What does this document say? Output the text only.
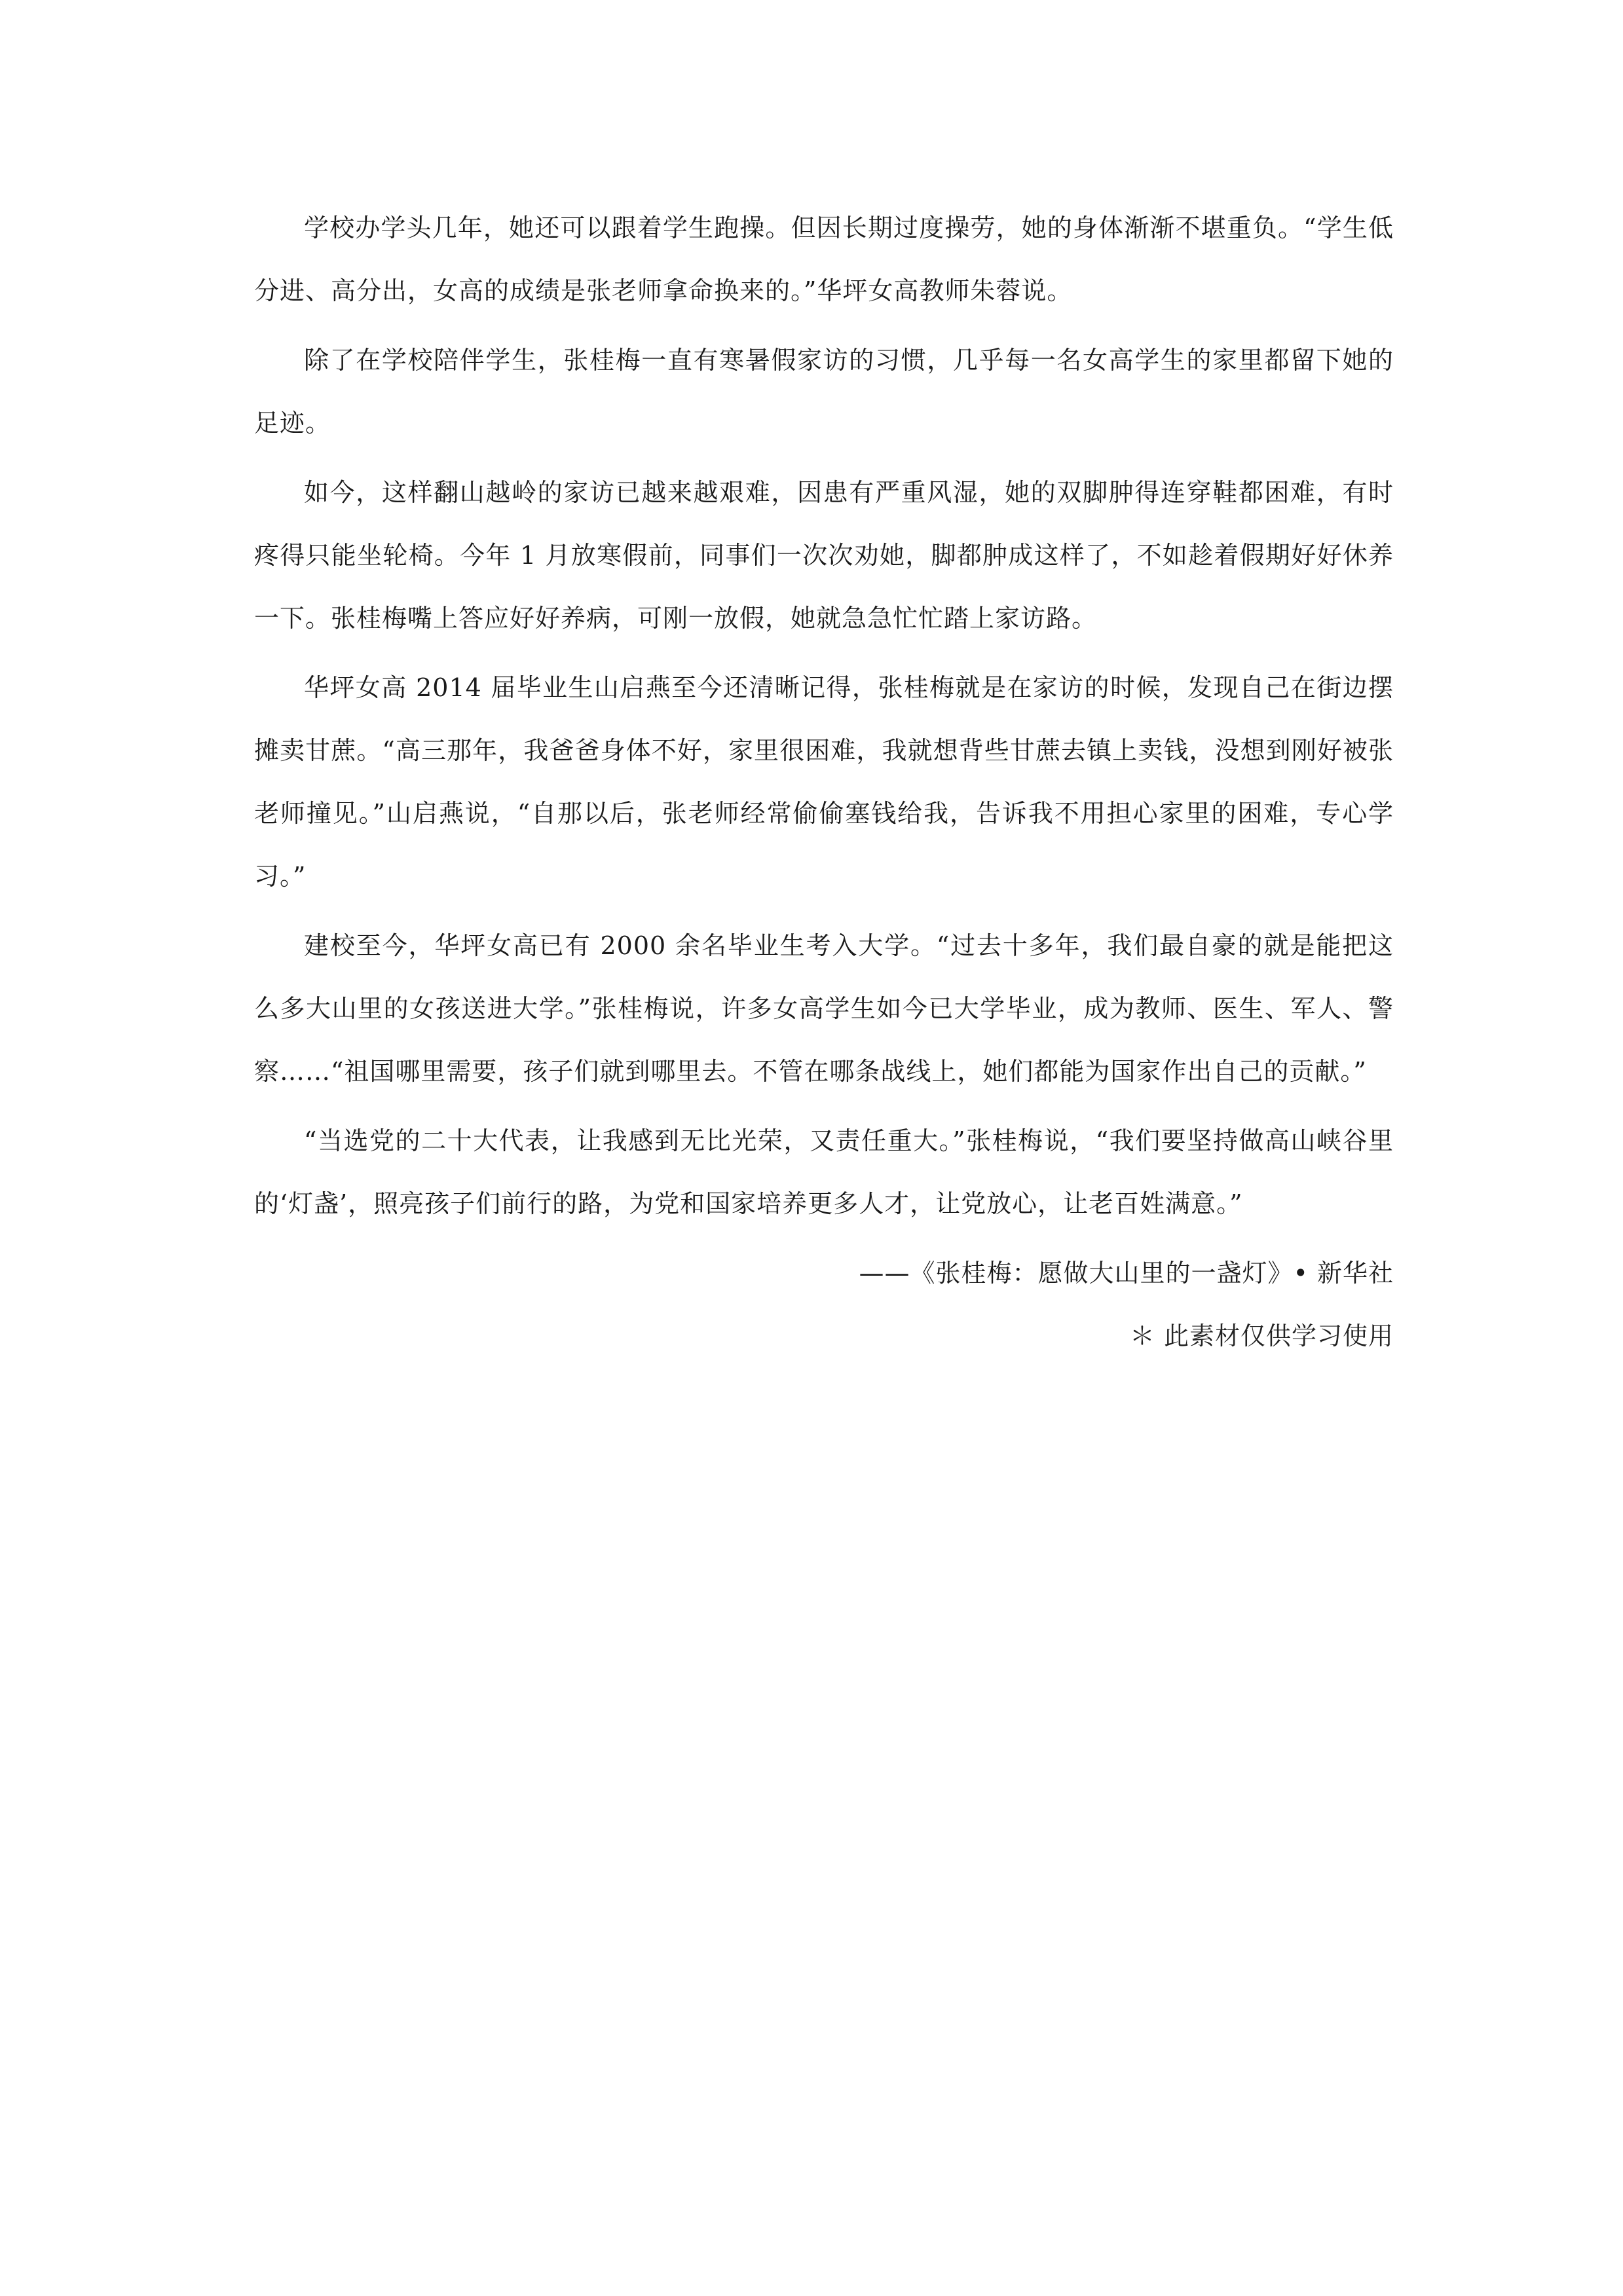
学校办学头几年，她还可以跟着学生跑操。但因长期过度操劳，她的身体渐渐不堪重负。“学生低分进、高分出，女高的成绩是张老师拿命换来的。”华坪女高教师朱蓉说。

除了在学校陪伴学生，张桂梅一直有寒暑假家访的习惯，几乎每一名女高学生的家里都留下她的足迹。

如今，这样翻山越岭的家访已越来越艰难，因患有严重风湿，她的双脚肿得连穿鞋都困难，有时疼得只能坐轮椅。今年 1 月放寒假前，同事们一次次劝她，脚都肿成这样了，不如趁着假期好好休养一下。张桂梅嘴上答应好好养病，可刚一放假，她就急急忙忙踏上家访路。

华坪女高 2014 届毕业生山启燕至今还清晰记得，张桂梅就是在家访的时候，发现自己在街边摆摊卖甘蔗。“高三那年，我爸爸身体不好，家里很困难，我就想背些甘蔗去镇上卖钱，没想到刚好被张老师撞见。”山启燕说，“自那以后，张老师经常偷偷塞钱给我，告诉我不用担心家里的困难，专心学习。”

建校至今，华坪女高已有 2000 余名毕业生考入大学。“过去十多年，我们最自豪的就是能把这么多大山里的女孩送进大学。”张桂梅说，许多女高学生如今已大学毕业，成为教师、医生、军人、警察……“祖国哪里需要，孩子们就到哪里去。不管在哪条战线上，她们都能为国家作出自己的贡献。”

“当选党的二十大代表，让我感到无比光荣，又责任重大。”张桂梅说，“我们要坚持做高山峡谷里的‘灯盏’，照亮孩子们前行的路，为党和国家培养更多人才，让党放心，让老百姓满意。”

——《张桂梅：愿做大山里的一盏灯》• 新华社

＊ 此素材仅供学习使用
